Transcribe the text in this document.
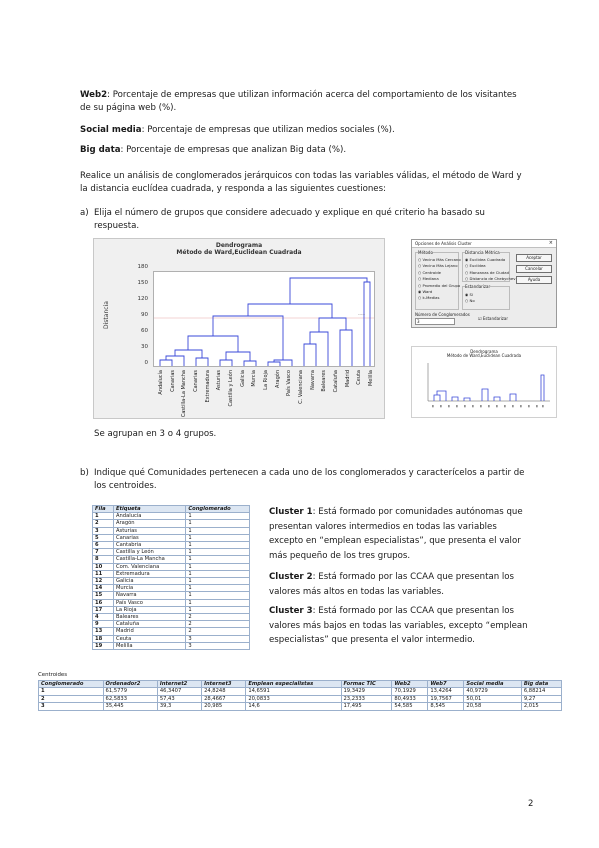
Web2: Porcentaje de empresas que utilizan información acerca del comportamiento de los visitantes de su página web (%).

Social media: Porcentaje de empresas que utilizan medios sociales (%).

Big data: Porcentaje de empresas que analizan Big data (%).

Realice un análisis de conglomerados jerárquicos con todas las variables válidas, el método de Ward y la distancia euclídea cuadrada, y responda a las siguientes cuestiones:

a) Elija el número de grupos que considere adecuado y explique en qué criterio ha basado su respuesta.
Dendrograma
Método de Ward,Euclidean Cuadrada
Distancia
180
150
120
90
60
30
0
-----
Andalucía Canarias Castilla-La Mancha Canarias Extremadura Asturias Castilla y León Galicia Murcia La Rioja Aragón País Vasco C. Valenciana Navarra Baleares Cataluña Madrid Ceuta Melilla
Opciones de Análisis Cluster	×
Método
○ Vecino Más Cercano
○ Vecino Más Lejano
○ Centroide
○ Mediana
○ Promedio del Grupo
◉ Ward
○ k-Medias
Distancia Métrica
◉ Euclidea Cuadrada
○ Euclídea
○ Manzanas de Ciudad
○ Distancia de Chebychev
Estandarizar
◉ Sí
○ No
Aceptar
Cancelar
Ayuda
Número de Conglomerados
3
☑ Estandarizar
Dendrograma
Método de Ward,Euclidean Cuadrada
▮ ▮ ▮ ▮ ▮ ▮ ▮ ▮ ▮ ▮ ▮ ▮ ▮ ▮ ▮
Se agrupan en 3 o 4 grupos.
b) Indique qué Comunidades pertenecen a cada uno de los conglomerados y caracterícelos a partir de los centroides.
Fila	Etiqueta	Conglomerado
1	Andalucía	1
2	Aragón	1
3	Asturias	1
5	Canarias	1
6	Cantabria	1
7	Castilla y León	1
8	Castilla-La Mancha	1
10	Com. Valenciana	1
11	Extremadura	1
12	Galicia	1
14	Murcia	1
15	Navarra	1
16	País Vasco	1
17	La Rioja	1
4	Baleares	2
9	Cataluña	2
13	Madrid	2
18	Ceuta	3
19	Melilla	3

Cluster 1: Está formado por comunidades autónomas que presentan valores intermedios en todas las variables excepto en “emplean especialistas”, que presenta el valor más pequeño de los tres grupos.

Cluster 2: Está formado por las CCAA que presentan los valores más altos en todas las variables.

Cluster 3: Está formado por las CCAA que presentan los valores más bajos en todas las variables, excepto “emplean especialistas” que presenta el valor intermedio.

Centroides
Conglomerado	Ordenador2	Internet2	Internet3	Emplean especialistas	Formac TIC	Web2	Web7	Social media	Big data
1	61,5779	46,3407	24,8248	14,6591	19,3429	70,1929	13,4264	40,9729	6,88214
2	62,5833	57,43	28,4667	20,0833	23,2333	80,4933	19,7567	50,01	9,27
3	35,445	39,3	20,985	14,6	17,495	54,585	8,545	20,58	2,015
2
